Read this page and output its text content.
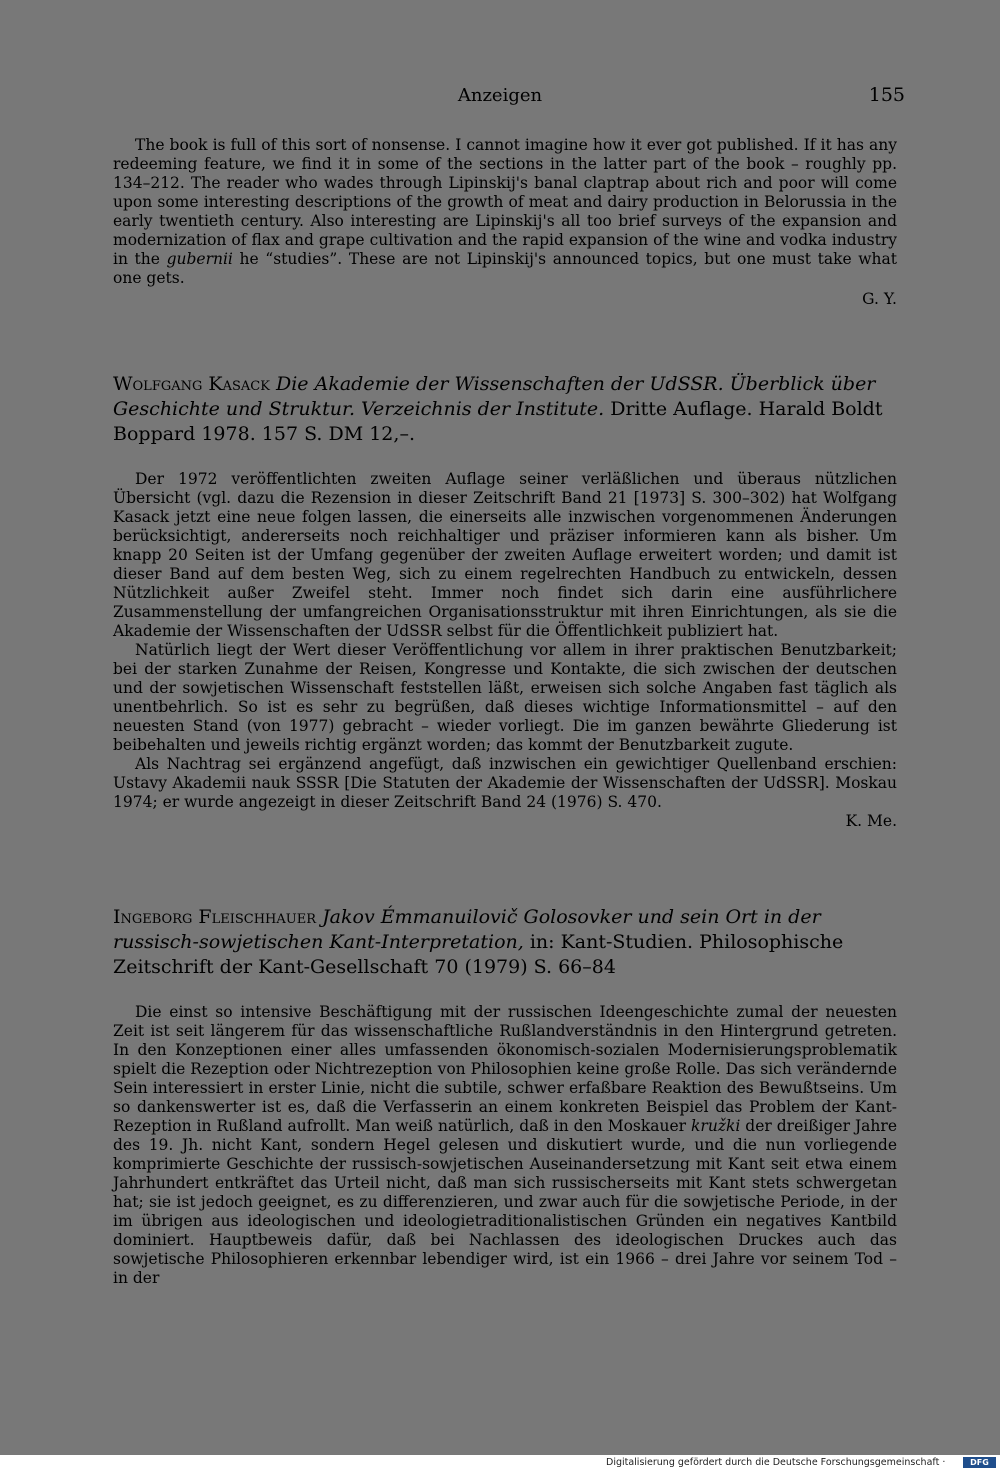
Anzeigen	155

The book is full of this sort of nonsense. I cannot imagine how it ever got published. If it has any redeeming feature, we find it in some of the sections in the latter part of the book – roughly pp. 134–212. The reader who wades through Lipinskij's banal claptrap about rich and poor will come upon some interesting descriptions of the growth of meat and dairy production in Belorussia in the early twentieth century. Also interesting are Lipinskij's all too brief surveys of the expansion and modernization of flax and grape cultivation and the rapid expansion of the wine and vodka industry in the gubernii he “studies”. These are not Lipinskij's announced topics, but one must take what one gets.

G. Y.

Wolfgang Kasack Die Akademie der Wissenschaften der UdSSR. Überblick über Geschichte und Struktur. Verzeichnis der Institute. Dritte Auflage. Harald Boldt Boppard 1978. 157 S. DM 12,–.

Der 1972 veröffentlichten zweiten Auflage seiner verläßlichen und überaus nützlichen Übersicht (vgl. dazu die Rezension in dieser Zeitschrift Band 21 [1973] S. 300–302) hat Wolfgang Kasack jetzt eine neue folgen lassen, die einerseits alle inzwischen vorgenommenen Änderungen berücksichtigt, andererseits noch reichhaltiger und präziser informieren kann als bisher. Um knapp 20 Seiten ist der Umfang gegenüber der zweiten Auflage erweitert worden; und damit ist dieser Band auf dem besten Weg, sich zu einem regelrechten Handbuch zu entwickeln, dessen Nützlichkeit außer Zweifel steht. Immer noch findet sich darin eine ausführlichere Zusammenstellung der umfangreichen Organisationsstruktur mit ihren Einrichtungen, als sie die Akademie der Wissenschaften der UdSSR selbst für die Öffentlichkeit publiziert hat.

Natürlich liegt der Wert dieser Veröffentlichung vor allem in ihrer praktischen Benutzbarkeit; bei der starken Zunahme der Reisen, Kongresse und Kontakte, die sich zwischen der deutschen und der sowjetischen Wissenschaft feststellen läßt, erweisen sich solche Angaben fast täglich als unentbehrlich. So ist es sehr zu begrüßen, daß dieses wichtige Informationsmittel – auf den neuesten Stand (von 1977) gebracht – wieder vorliegt. Die im ganzen bewährte Gliederung ist beibehalten und jeweils richtig ergänzt worden; das kommt der Benutzbarkeit zugute.

Als Nachtrag sei ergänzend angefügt, daß inzwischen ein gewichtiger Quellenband erschien: Ustavy Akademii nauk SSSR [Die Statuten der Akademie der Wissenschaften der UdSSR]. Moskau 1974; er wurde angezeigt in dieser Zeitschrift Band 24 (1976) S. 470.

K. Me.

Ingeborg Fleischhauer Jakov Émmanuilovič Golosovker und sein Ort in der russisch-sowjetischen Kant-Interpretation, in: Kant-Studien. Philosophische Zeitschrift der Kant-Gesellschaft 70 (1979) S. 66–84

Die einst so intensive Beschäftigung mit der russischen Ideengeschichte zumal der neuesten Zeit ist seit längerem für das wissenschaftliche Rußlandverständnis in den Hintergrund getreten. In den Konzeptionen einer alles umfassenden ökonomisch-sozialen Modernisierungsproblematik spielt die Rezeption oder Nichtrezeption von Philosophien keine große Rolle. Das sich verändernde Sein interessiert in erster Linie, nicht die subtile, schwer erfaßbare Reaktion des Bewußtseins. Um so dankenswerter ist es, daß die Verfasserin an einem konkreten Beispiel das Problem der Kant-Rezeption in Rußland aufrollt. Man weiß natürlich, daß in den Moskauer kružki der dreißiger Jahre des 19. Jh. nicht Kant, sondern Hegel gelesen und diskutiert wurde, und die nun vorliegende komprimierte Geschichte der russisch-sowjetischen Auseinandersetzung mit Kant seit etwa einem Jahrhundert entkräftet das Urteil nicht, daß man sich russischerseits mit Kant stets schwergetan hat; sie ist jedoch geeignet, es zu differenzieren, und zwar auch für die sowjetische Periode, in der im übrigen aus ideologischen und ideologietraditionalistischen Gründen ein negatives Kantbild dominiert. Hauptbeweis dafür, daß bei Nachlassen des ideologischen Druckes auch das sowjetische Philosophieren erkennbar lebendiger wird, ist ein 1966 – drei Jahre vor seinem Tod – in der

Digitalisierung gefördert durch die Deutsche Forschungsgemeinschaft ·	DFG
